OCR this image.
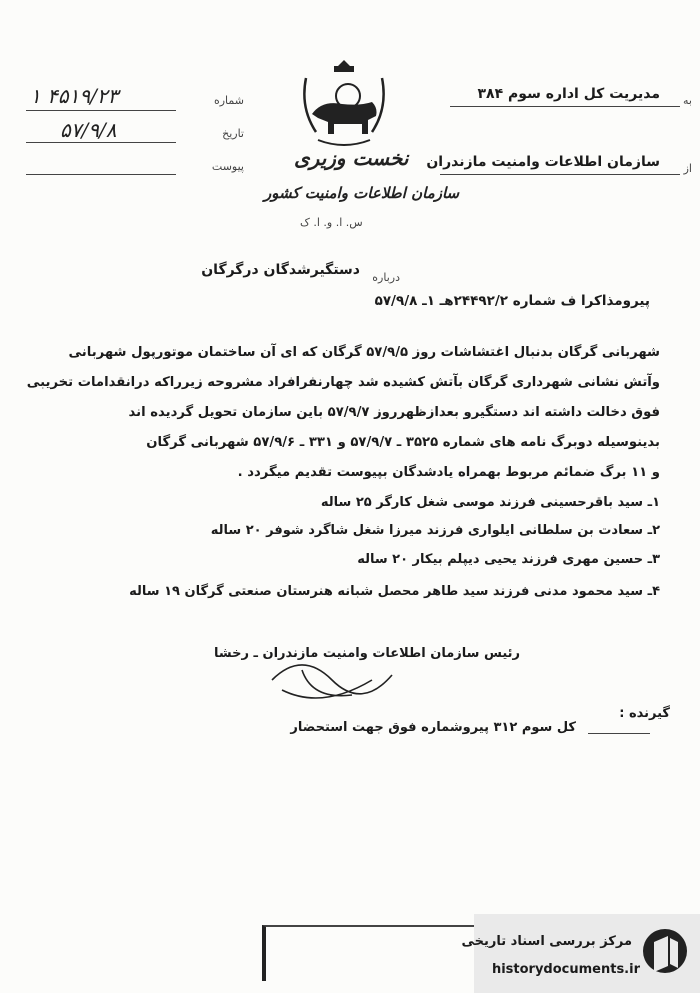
شماره
۴۵۱۹/۲۳ ۱
تاریخ
۵۷/۹/۸
پیوست	نخست وزیری
سازمان اطلاعات وامنیت کشور
س. ا. و. ا. ک
به
مدیریت کل اداره سوم ۳۸۴
از
سازمان اطلاعات وامنیت مازندران
درباره
دستگیرشدگان درگرگان
پیرومذاکرا ف شماره ۲۴۴۹۲/۲هـ ۱ـ ۵۷/۹/۸
شهربانی گرگان بدنبال اغتشاشات روز ۵۷/۹/۵ گرگان که ای آن ساختمان موتورپول شهربانی
وآتش نشانی شهرداری گرگان بآتش کشیده شد چهارنفرافراد مشروحه زیرراکه درانقدامات تخریبی
فوق دخالت داشته اند دستگیرو بعدازظهرروز ۵۷/۹/۷ باین سازمان تحویل گردیده اند
بدینوسیله دوبرگ نامه های شماره ۳۵۲۵ ـ ۵۷/۹/۷ و ۳۳۱ ـ ۵۷/۹/۶ شهربانی گرگان
و ۱۱ برگ ضمائم مربوط بهمراه یادشدگان بپیوست تقدیم میگردد .
۱ـ سید باقرحسینی فرزند موسی شغل کارگر ۲۵ ساله
۲ـ سعادت بن سلطانی ایلواری فرزند میرزا شغل شاگرد شوفر ۲۰ ساله
۳ـ حسین مهری فرزند یحیی دیپلم بیکار ۲۰ ساله
۴ـ سید محمود مدنی فرزند سید طاهر محصل شبانه هنرستان صنعتی گرگان ۱۹ ساله
رئیس سازمان اطلاعات وامنیت مازندران ـ رخشا
گیرنده :
کل سوم ۳۱۲ پیروشماره فوق جهت استحضار
مرکز بررسی اسناد تاریخی
historydocuments.ir
